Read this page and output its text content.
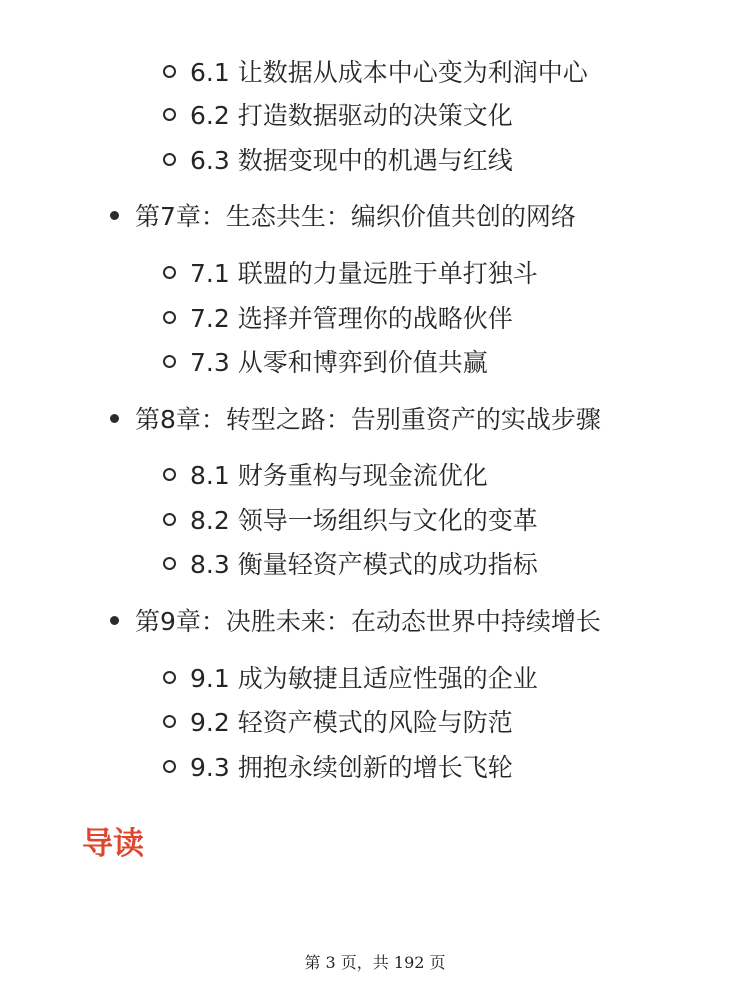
6.1 让数据从成本中心变为利润中心
6.2 打造数据驱动的决策文化
6.3 数据变现中的机遇与红线
第7章：生态共生：编织价值共创的网络
7.1 联盟的力量远胜于单打独斗
7.2 选择并管理你的战略伙伴
7.3 从零和博弈到价值共赢
第8章：转型之路：告别重资产的实战步骤
8.1 财务重构与现金流优化
8.2 领导一场组织与文化的变革
8.3 衡量轻资产模式的成功指标
第9章：决胜未来：在动态世界中持续增长
9.1 成为敏捷且适应性强的企业
9.2 轻资产模式的风险与防范
9.3 拥抱永续创新的增长飞轮
导读
第 3 页，共 192 页
